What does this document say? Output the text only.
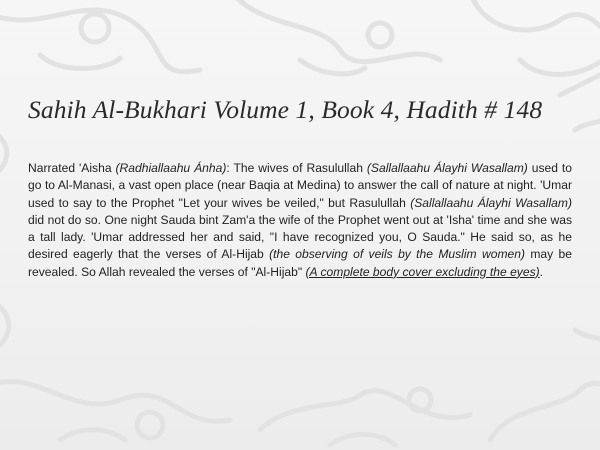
Sahih Al-Bukhari Volume 1, Book 4, Hadith # 148

Narrated 'Aisha (Radhiallaahu Ánha): The wives of Rasulullah (Sallallaahu Álayhi Wasallam) used to go to Al-Manasi, a vast open place (near Baqia at Medina) to answer the call of nature at night. 'Umar used to say to the Prophet "Let your wives be veiled," but Rasulullah (Sallallaahu Álayhi Wasallam) did not do so. One night Sauda bint Zam'a the wife of the Prophet went out at 'Isha' time and she was a tall lady. 'Umar addressed her and said, "I have recognized you, O Sauda." He said so, as he desired eagerly that the verses of Al-Hijab (the observing of veils by the Muslim women) may be revealed. So Allah revealed the verses of "Al-Hijab" (A complete body cover excluding the eyes).
